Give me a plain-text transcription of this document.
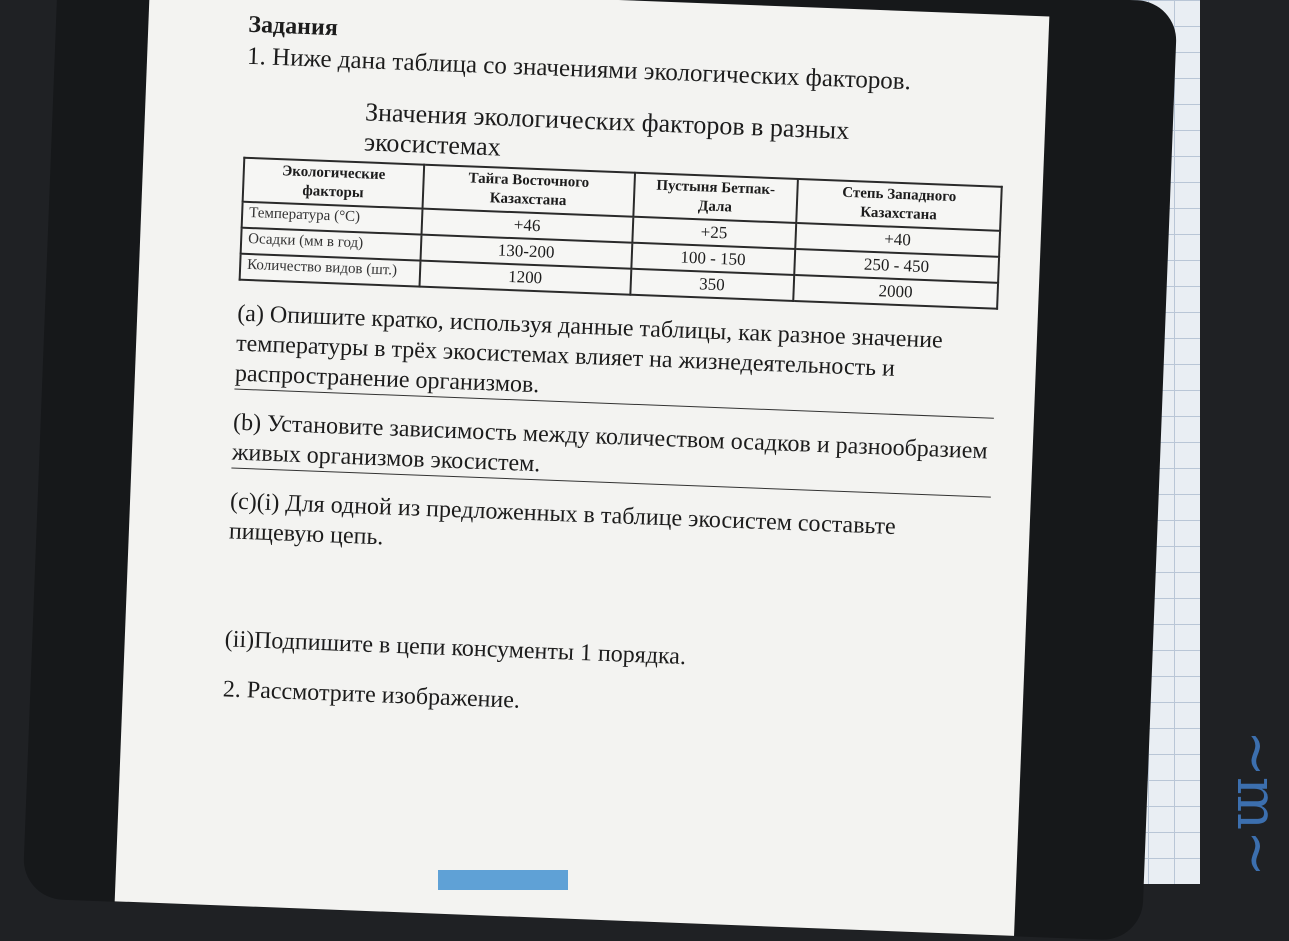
~m~
Задания
1. Ниже дана таблица со значениями экологических факторов.
Значения экологических факторов в разных экосистемах
Экологические факторы	Тайга Восточного Казахстана	Пустыня Бетпак-Дала	Степь Западного Казахстана
Температура (°C)	+46	+25	+40
Осадки (мм в год)	130-200	100 - 150	250 - 450
Количество видов (шт.)	1200	350	2000
(a) Опишите кратко, используя данные таблицы, как разное значение температуры в трёх экосистемах влияет на жизнедеятельность и распространение организмов.
(b) Установите зависимость между количеством осадков и разнообразием живых организмов экосистем.
(c)(i) Для одной из предложенных в таблице экосистем составьте пищевую цепь.
(ii)Подпишите в цепи консументы 1 порядка.
2. Рассмотрите изображение.
